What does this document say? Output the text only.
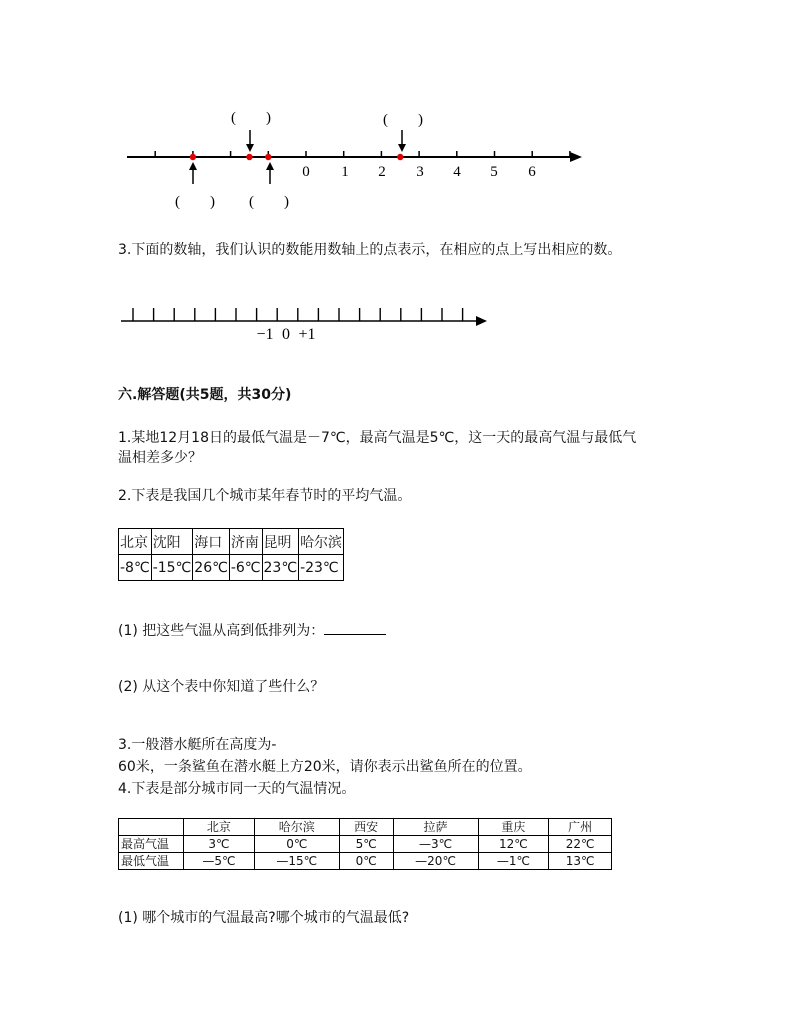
0 1 2 3 4 5 6
(　　)	(　　)
(　　) (　　)
3.下面的数轴，我们认识的数能用数轴上的点表示，在相应的点上写出相应的数。
−1 0 +1
六.解答题(共5题，共30分)
1.某地12月18日的最低气温是－7℃，最高气温是5℃，这一天的最高气温与最低气
温相差多少？
2.下表是我国几个城市某年春节时的平均气温。
北京	沈阳	海口	济南	昆明	哈尔滨
-8℃	-15℃	26℃	-6℃	23℃	-23℃
(1) 把这些气温从高到低排列为：
(2) 从这个表中你知道了些什么？
3.一般潜水艇所在高度为-
60米，一条鲨鱼在潜水艇上方20米，请你表示出鲨鱼所在的位置。
4.下表是部分城市同一天的气温情况。
	北京	哈尔滨	西安	拉萨	重庆	广州
最高气温	3℃	0℃	5℃	—3℃	12℃	22℃
最低气温	—5℃	—15℃	0℃	—20℃	—1℃	13℃
(1) 哪个城市的气温最高?哪个城市的气温最低?
